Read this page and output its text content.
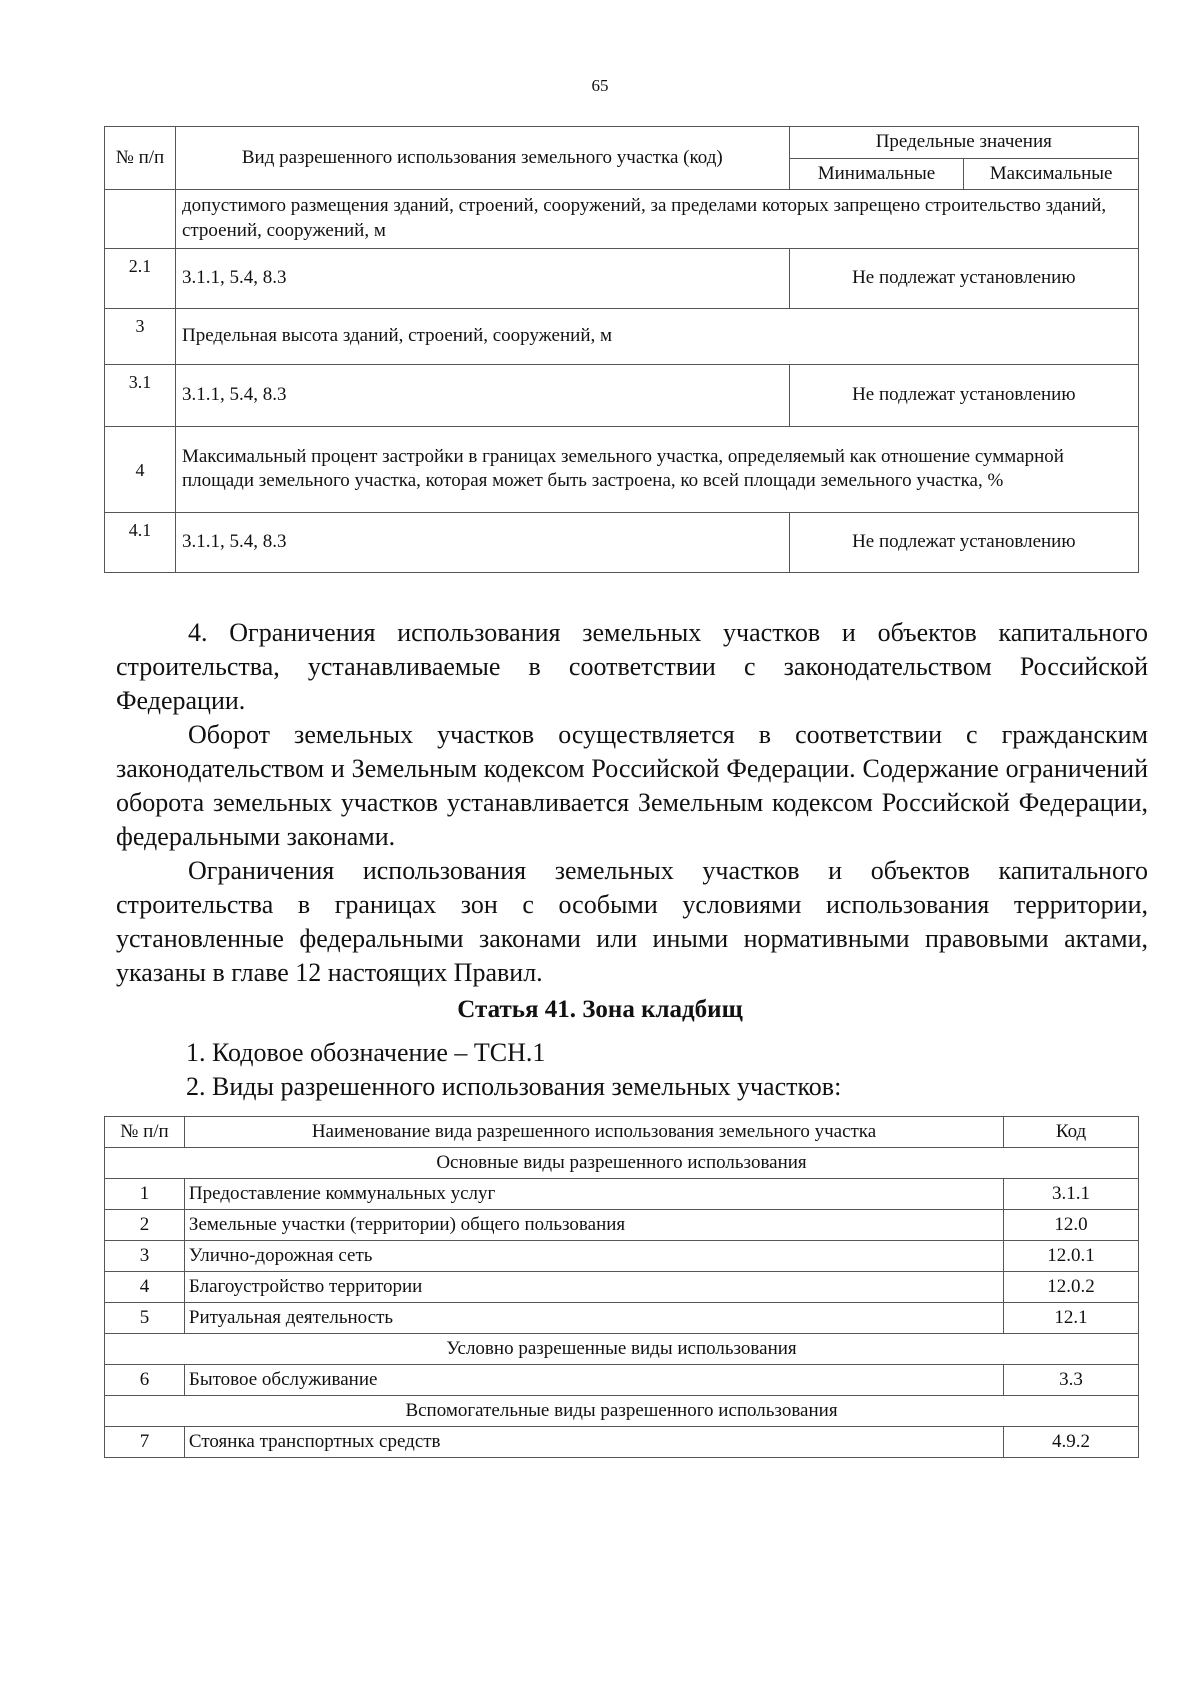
65
№ п/п	Вид разрешенного использования земельного участка (код)	Предельные значения	
		Минимальные	Максимальные
	допустимого размещения зданий, строений, сооружений, за пределами которых запрещено строительство зданий, строений, сооружений, м		
2.1	3.1.1, 5.4, 8.3	Не подлежат установлению	
3	Предельная высота зданий, строений, сооружений, м		
3.1	3.1.1, 5.4, 8.3	Не подлежат установлению	
4	Максимальный процент застройки в границах земельного участка, определяемый как отношение суммарной площади земельного участка, которая может быть застроена, ко всей площади земельного участка, %		
4.1	3.1.1, 5.4, 8.3	Не подлежат установлению	

4. Ограничения использования земельных участков и объектов капитального строительства, устанавливаемые в соответствии с законодательством Российской Федерации.

Оборот земельных участков осуществляется в соответствии с гражданским законодательством и Земельным кодексом Российской Федерации. Содержание ограничений оборота земельных участков устанавливается Земельным кодексом Российской Федерации, федеральными законами.

Ограничения использования земельных участков и объектов капитального строительства в границах зон с особыми условиями использования территории, установленные федеральными законами или иными нормативными правовыми актами, указаны в главе 12 настоящих Правил.

Статья 41. Зона кладбищ
1. Кодовое обозначение – ТСН.1
2. Виды разрешенного использования земельных участков:
№ п/п	Наименование вида разрешенного использования земельного участка	Код
Основные виды разрешенного использования		
1	Предоставление коммунальных услуг	3.1.1
2	Земельные участки (территории) общего пользования	12.0
3	Улично-дорожная сеть	12.0.1
4	Благоустройство территории	12.0.2
5	Ритуальная деятельность	12.1
Условно разрешенные виды использования		
6	Бытовое обслуживание	3.3
Вспомогательные виды разрешенного использования		
7	Стоянка транспортных средств	4.9.2
